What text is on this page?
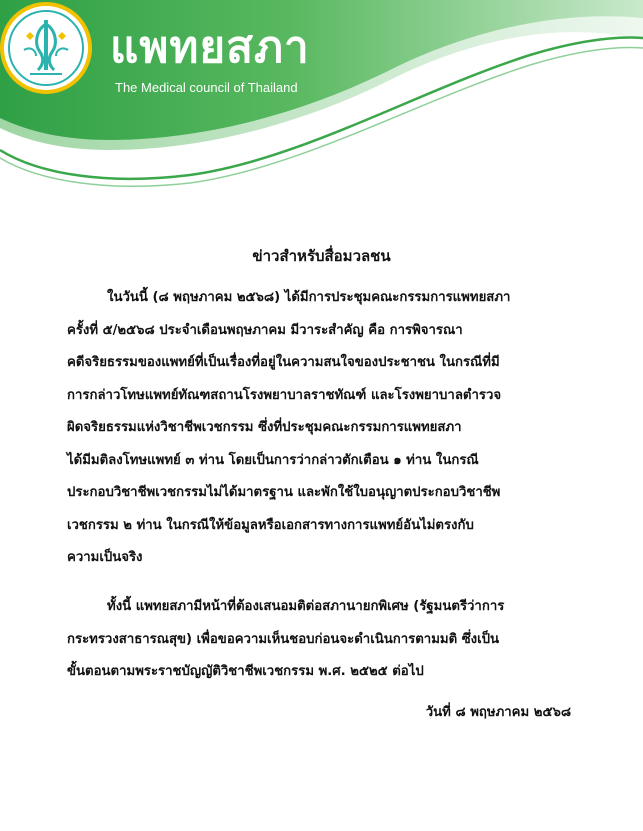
แพทยสภา
The Medical council of Thailand
ข่าวสำหรับสื่อมวลชน
ในวันนี้ (๘ พฤษภาคม ๒๕๖๘) ได้มีการประชุมคณะกรรมการแพทยสภา
ครั้งที่ ๕/๒๕๖๘ ประจำเดือนพฤษภาคม มีวาระสำคัญ คือ การพิจารณา
คดีจริยธรรมของแพทย์ที่เป็นเรื่องที่อยู่ในความสนใจของประชาชน ในกรณีที่มี
การกล่าวโทษแพทย์ทัณฑสถานโรงพยาบาลราชทัณฑ์ และโรงพยาบาลตำรวจ
ผิดจริยธรรมแห่งวิชาชีพเวชกรรม ซึ่งที่ประชุมคณะกรรมการแพทยสภา
ได้มีมติลงโทษแพทย์ ๓ ท่าน โดยเป็นการว่ากล่าวตักเตือน ๑ ท่าน ในกรณี
ประกอบวิชาชีพเวชกรรมไม่ได้มาตรฐาน และพักใช้ใบอนุญาตประกอบวิชาชีพ
เวชกรรม ๒ ท่าน ในกรณีให้ข้อมูลหรือเอกสารทางการแพทย์อันไม่ตรงกับ
ความเป็นจริง
ทั้งนี้ แพทยสภามีหน้าที่ต้องเสนอมติต่อสภานายกพิเศษ (รัฐมนตรีว่าการ
กระทรวงสาธารณสุข) เพื่อขอความเห็นชอบก่อนจะดำเนินการตามมติ ซึ่งเป็น
ขั้นตอนตามพระราชบัญญัติวิชาชีพเวชกรรม พ.ศ. ๒๕๒๕ ต่อไป
วันที่ ๘ พฤษภาคม ๒๕๖๘
